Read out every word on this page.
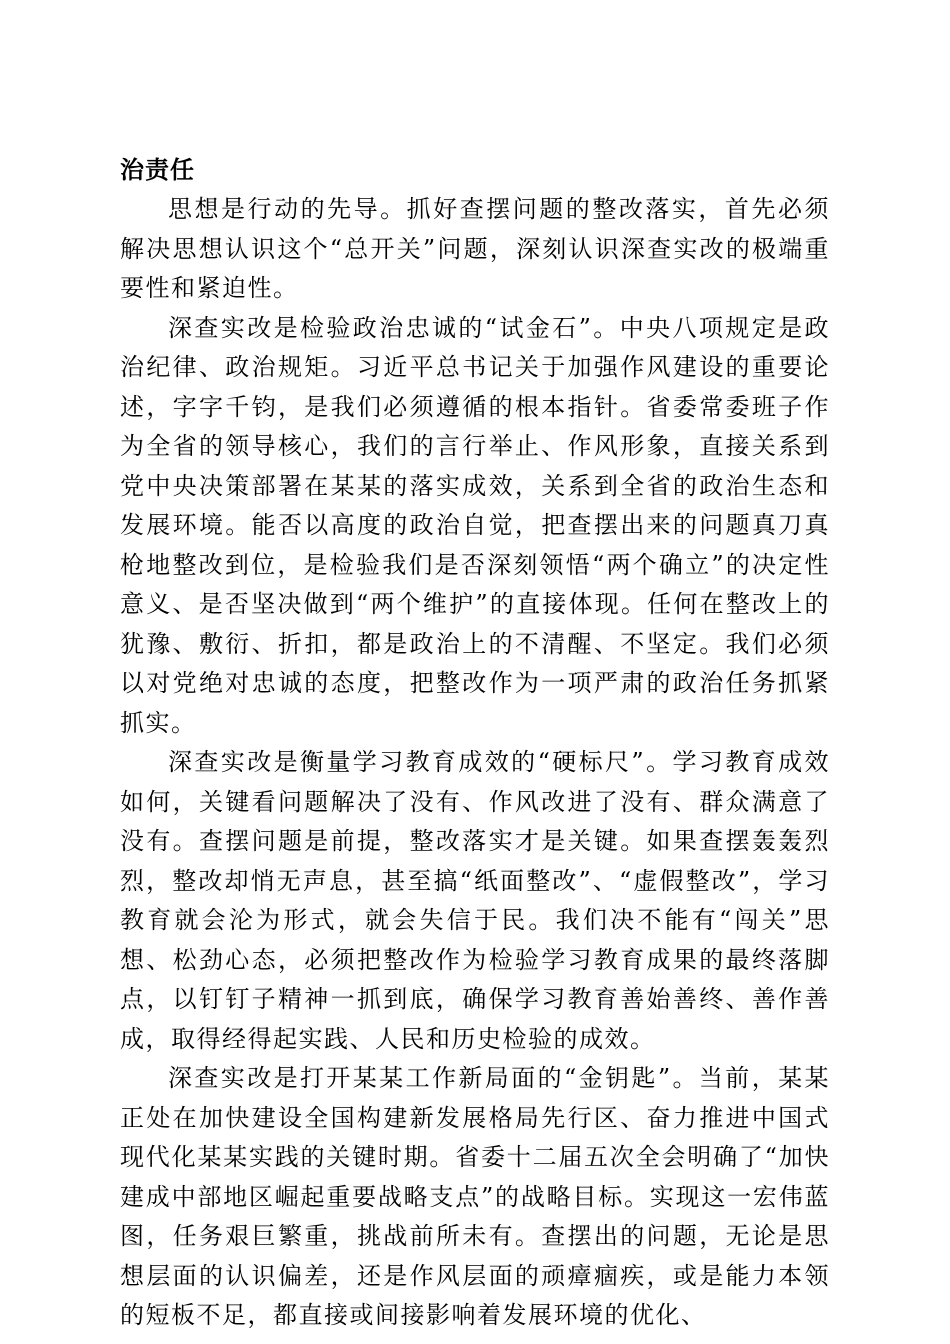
治责任

思想是行动的先导。抓好查摆问题的整改落实，首先必须解决思想认识这个“总开关”问题，深刻认识深查实改的极端重要性和紧迫性。

深查实改是检验政治忠诚的“试金石”。中央八项规定是政治纪律、政治规矩。习近平总书记关于加强作风建设的重要论述，字字千钧，是我们必须遵循的根本指针。省委常委班子作为全省的领导核心，我们的言行举止、作风形象，直接关系到党中央决策部署在某某的落实成效，关系到全省的政治生态和发展环境。能否以高度的政治自觉，把查摆出来的问题真刀真枪地整改到位，是检验我们是否深刻领悟“两个确立”的决定性意义、是否坚决做到“两个维护”的直接体现。任何在整改上的犹豫、敷衍、折扣，都是政治上的不清醒、不坚定。我们必须以对党绝对忠诚的态度，把整改作为一项严肃的政治任务抓紧抓实。

深查实改是衡量学习教育成效的“硬标尺”。学习教育成效如何，关键看问题解决了没有、作风改进了没有、群众满意了没有。查摆问题是前提，整改落实才是关键。如果查摆轰轰烈烈，整改却悄无声息，甚至搞“纸面整改”、“虚假整改”，学习教育就会沦为形式，就会失信于民。我们决不能有“闯关”思想、松劲心态，必须把整改作为检验学习教育成果的最终落脚点，以钉钉子精神一抓到底，确保学习教育善始善终、善作善成，取得经得起实践、人民和历史检验的成效。

深查实改是打开某某工作新局面的“金钥匙”。当前，某某正处在加快建设全国构建新发展格局先行区、奋力推进中国式现代化某某实践的关键时期。省委十二届五次全会明确了“加快建成中部地区崛起重要战略支点”的战略目标。实现这一宏伟蓝图，任务艰巨繁重，挑战前所未有。查摆出的问题，无论是思想层面的认识偏差，还是作风层面的顽瘴痼疾，或是能力本领的短板不足，都直接或间接影响着发展环境的优化、
